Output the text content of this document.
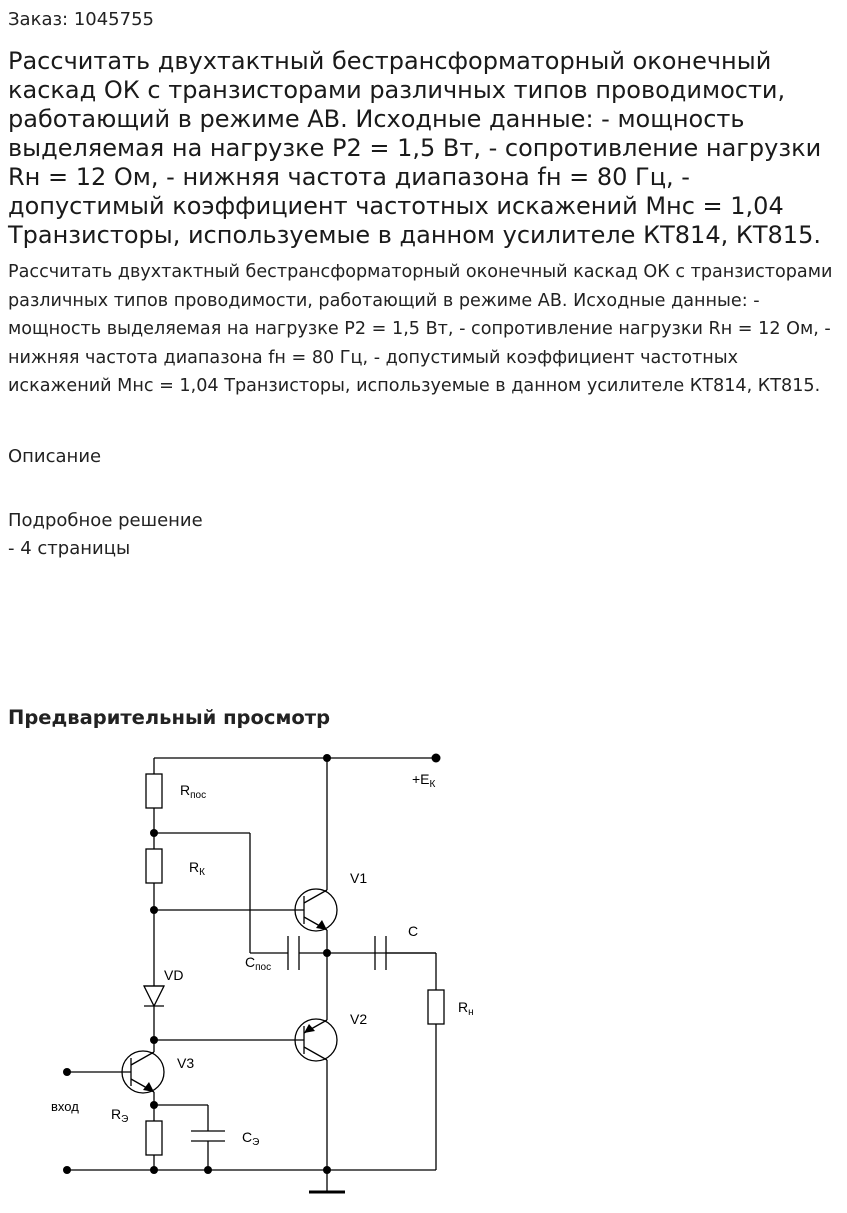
Заказ: 1045755
Рассчитать двухтактный бестрансформаторный оконечный каскад ОК с транзисторами различных типов проводимости, работающий в режиме АВ. Исходные данные: - мощность выделяемая на нагрузке Р2 = 1,5 Вт, - сопротивление нагрузки Rн = 12 Ом, - нижняя частота диапазона fн = 80 Гц, - допустимый коэффициент частотных искажений Мнс = 1,04 Транзисторы, используемые в данном усилителе КТ814, КТ815.
Рассчитать двухтактный бестрансформаторный оконечный каскад ОК с транзисторами различных типов проводимости, работающий в режиме АВ. Исходные данные: - мощность выделяемая на нагрузке Р2 = 1,5 Вт, - сопротивление нагрузки Rн = 12 Ом, - нижняя частота диапазона fн = 80 Гц, - допустимый коэффициент частотных искажений Мнс = 1,04 Транзисторы, используемые в данном усилителе КТ814, КТ815.
Описание
Подробное решение
- 4 страницы
Предварительный просмотр
$R_{пос}$
$R_К$
$+E_К$
V1
C
$C_{пос}$
VD
V2
$R_н$
V3
вход $R_Э$
$C_Э$
